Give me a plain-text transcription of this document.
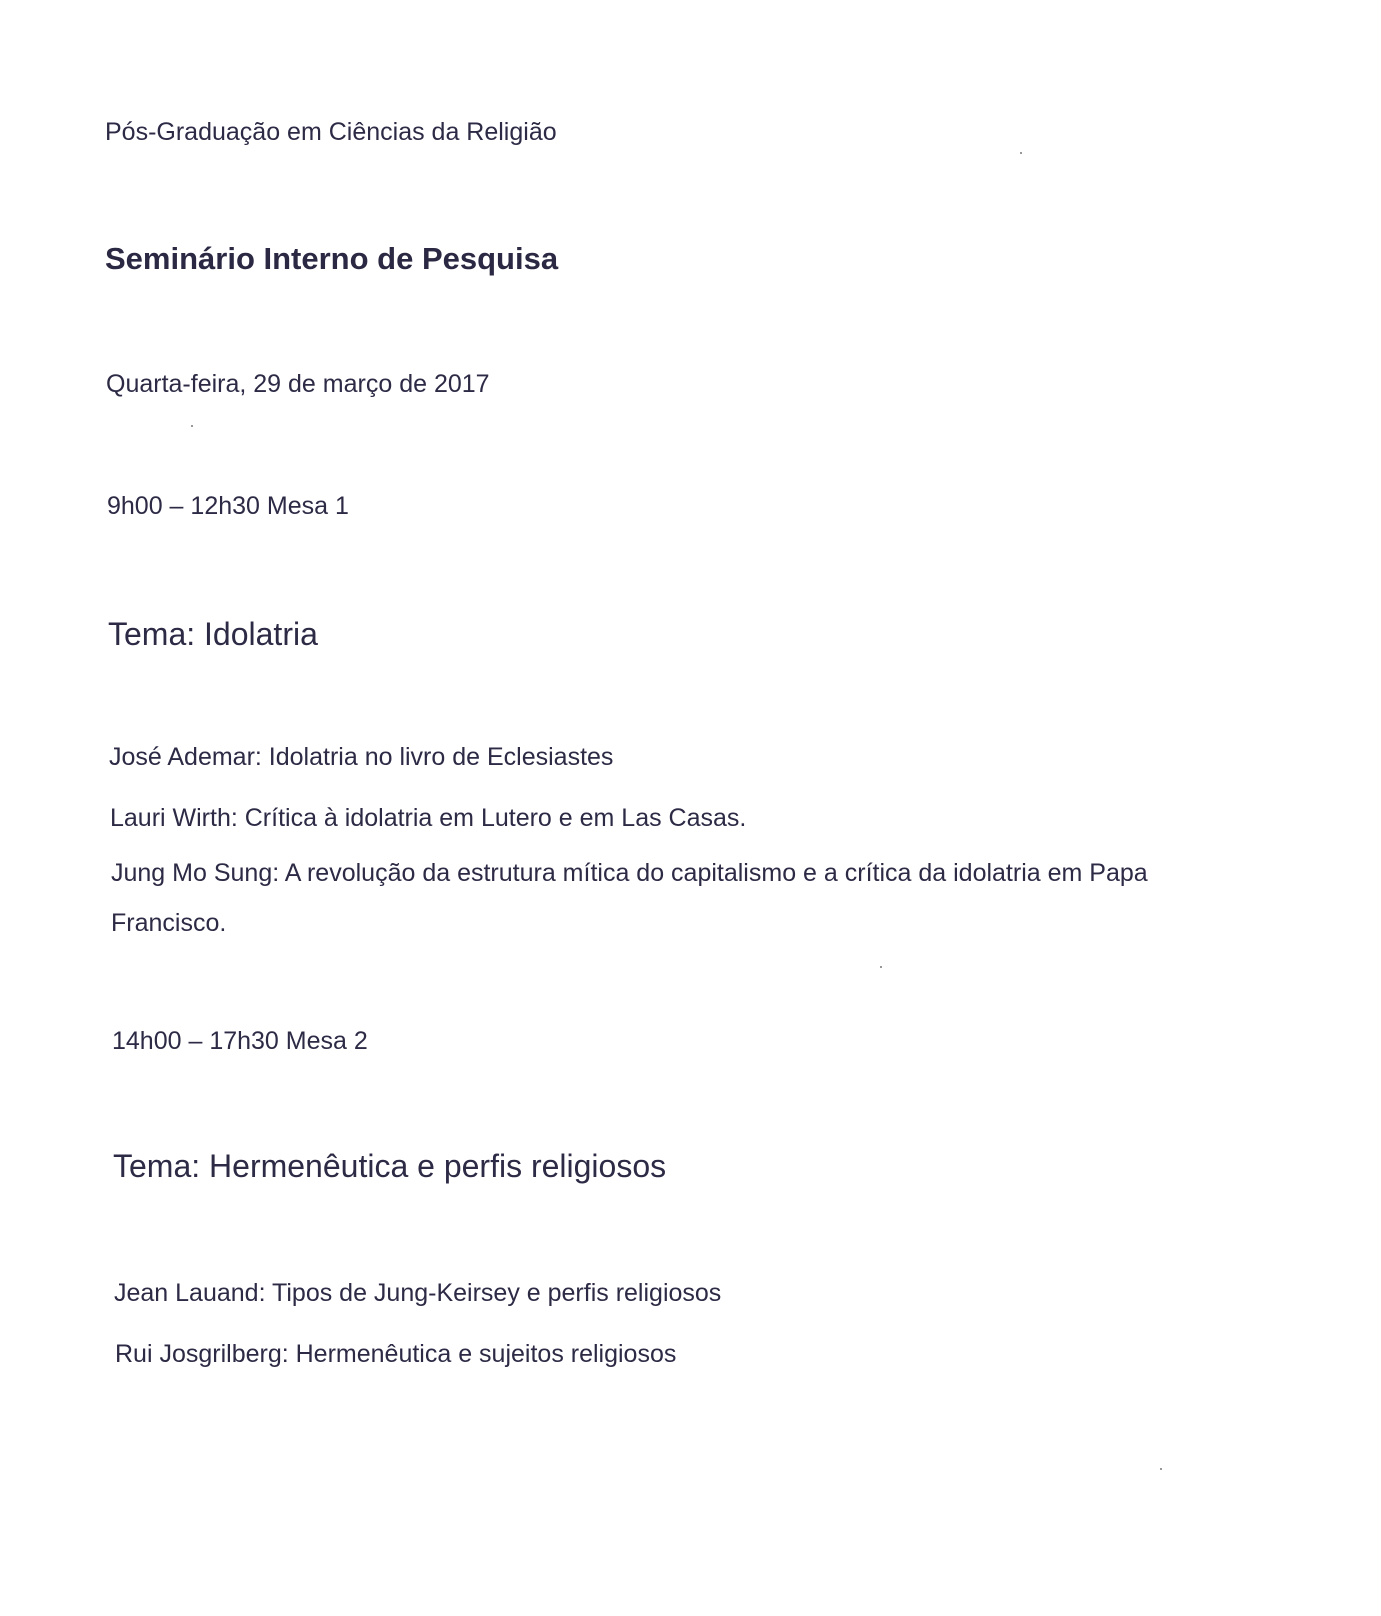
Pós-Graduação em Ciências da Religião
Seminário Interno de Pesquisa
Quarta-feira, 29 de março de 2017
9h00 – 12h30 Mesa 1
Tema: Idolatria
José Ademar: Idolatria no livro de Eclesiastes
Lauri Wirth: Crítica à idolatria em Lutero e em Las Casas.
Jung Mo Sung: A revolução da estrutura mítica do capitalismo e a crítica da idolatria em Papa Francisco.
14h00 – 17h30 Mesa 2
Tema: Hermenêutica e perfis religiosos
Jean Lauand: Tipos de Jung-Keirsey e perfis religiosos
Rui Josgrilberg: Hermenêutica e sujeitos religiosos
